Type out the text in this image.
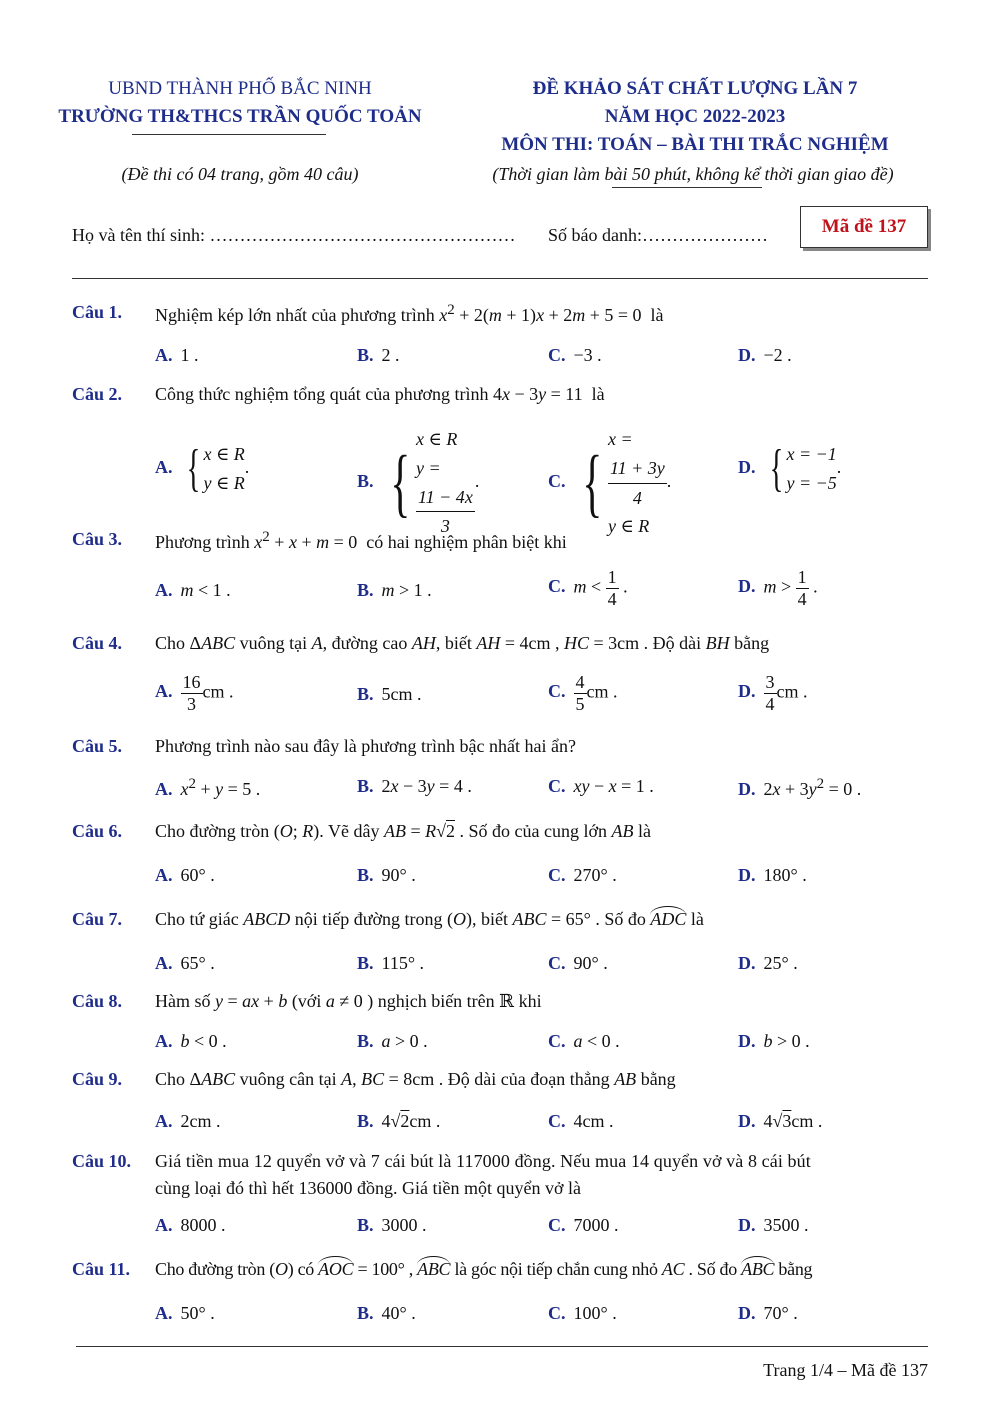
UBND THÀNH PHỐ BẮC NINH
TRƯỜNG TH&THCS TRẦN QUỐC TOẢN
ĐỀ KHẢO SÁT CHẤT LƯỢNG LẦN 7
NĂM HỌC 2022-2023
MÔN THI: TOÁN – BÀI THI TRẮC NGHIỆM
(Đề thi có 04 trang, gồm 40 câu)	(Thời gian làm bài 50 phút, không kể thời gian giao đề)
Họ và tên thí sinh: …………………………………………… Số báo danh:…………………	Mã đề 137
Câu 1. Nghiệm kép lớn nhất của phương trình $x^2 + 2(m + 1)x + 2m + 5 = 0$  là
A. 1 .	B. 2 .	C. −3 .	D. −2 .
Câu 2. Công thức nghiệm tổng quát của phương trình 4x − 3y = 11  là
A. { x ∈ R
y ∈ R
.
B. {
x ∈ R
y =
11 − 4x
3
.	C. {
x =
11 + 3y
4
y ∈ R
.
D. { x = −1
y = −5
.
Câu 3. Phương trình $x^2 + x + m = 0$  có hai nghiệm phân biệt khi
A. m < 1 .	B. m > 1 .	C. $m < \frac{1}{4}$ .	D. $m > \frac{1}{4}$ .
Câu 4. Cho ΔABC vuông tại A, đường cao AH, biết AH = 4cm , HC = 3cm . Độ dài BH bằng
A. $\frac{16}{3}$ cm .	B. 5cm .	C. $\frac{4}{5}$ cm .	D. $\frac{3}{4}$ cm .
Câu 5. Phương trình nào sau đây là phương trình bậc nhất hai ẩn?
A. $x^2 + y = 5$ .	B. 2x − 3y = 4 .	C. xy − x = 1 .	D. $2x + 3y^2 = 0$ .
Câu 6. Cho đường tròn (O; R). Vẽ dây AB = R√2 . Số đo của cung lớn AB là
A. 60° .	B. 90° .	C. 270° .	D. 180° .
Câu 7. Cho tứ giác ABCD nội tiếp đường trong (O), biết ABC = 65° . Số đo ADC là
A. 65° .	B. 115° .	C. 90° .	D. 25° .
Câu 8. Hàm số y = ax + b (với a ≠ 0 ) nghịch biến trên ℝ khi
A. b < 0 .	B. a > 0 .	C. a < 0 .	D. b > 0 .
Câu 9. Cho ΔABC vuông cân tại A, BC = 8cm . Độ dài của đoạn thẳng AB bằng
A. 2cm .	B. 4√2cm .	C. 4cm .	D. 4√3cm .
Câu 10. Giá tiền mua 12 quyển vở và 7 cái bút là 117000 đồng. Nếu mua 14 quyển vở và 8 cái bút
cùng loại đó thì hết 136000 đồng. Giá tiền một quyển vở là
A. 8000 .	B. 3000 .	C. 7000 .	D. 3500 .
Câu 11. Cho đường tròn (O) có AOC = 100° , ABC là góc nội tiếp chắn cung nhỏ AC . Số đo ABC bằng
A. 50° .	B. 40° .	C. 100° .	D. 70° .
Trang 1/4 – Mã đề 137
